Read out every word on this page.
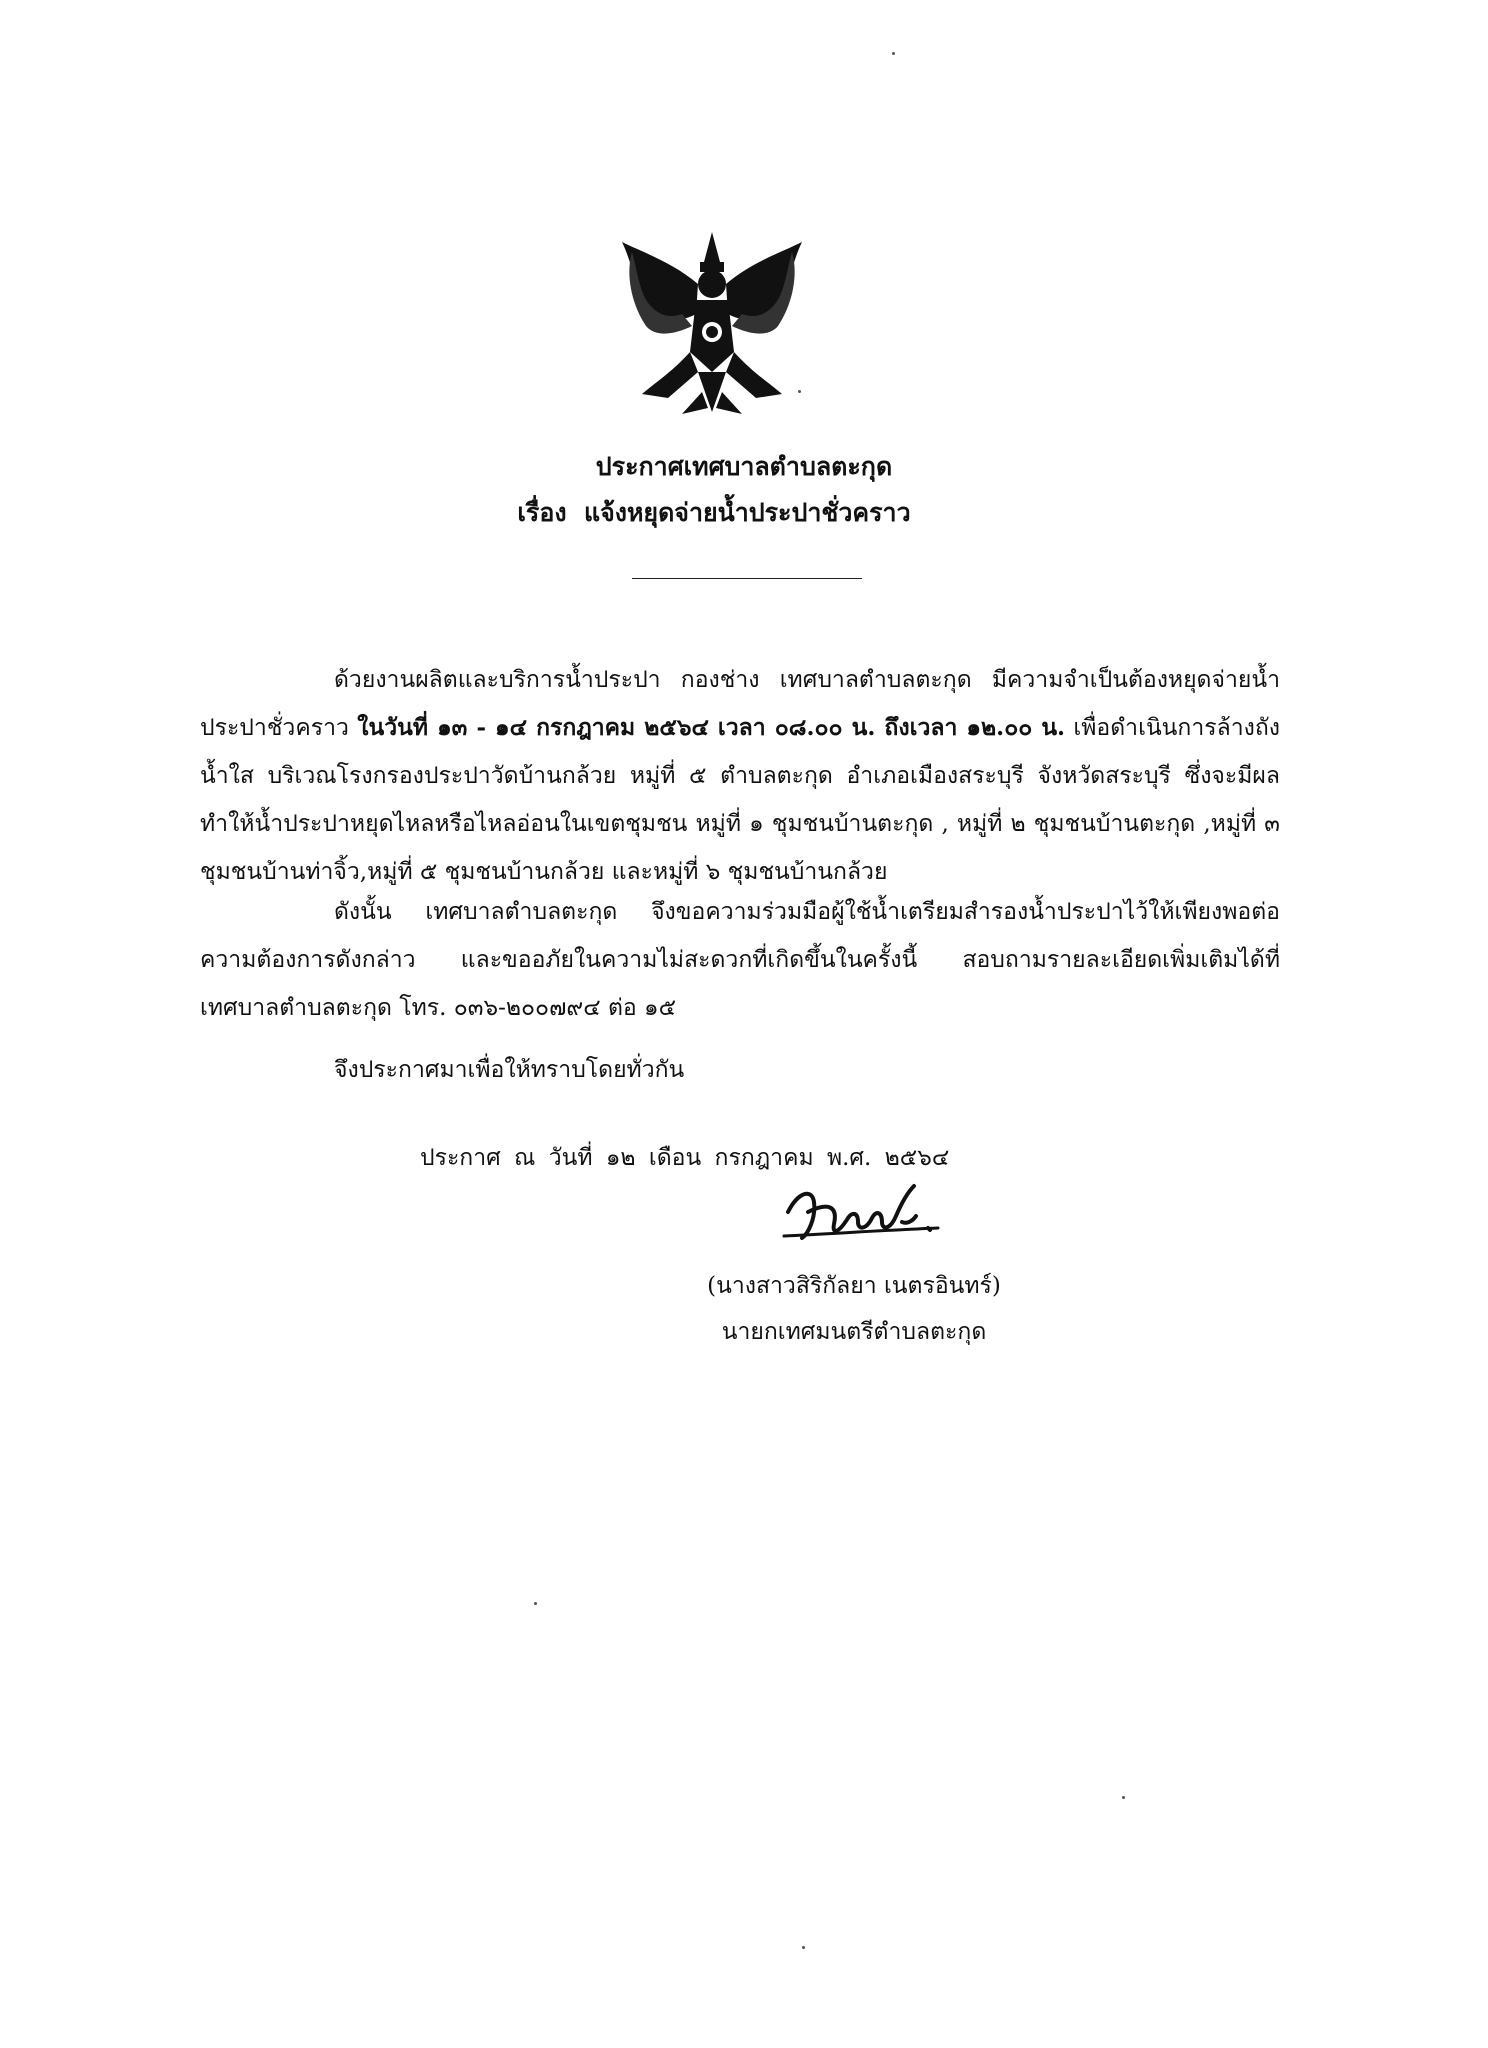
ประกาศเทศบาลตำบลตะกุด
เรื่อง แจ้งหยุดจ่ายน้ำประปาชั่วคราว

ด้วยงานผลิตและบริการน้ำประปา กองช่าง เทศบาลตำบลตะกุด มีความจำเป็นต้องหยุดจ่ายน้ำประปาชั่วคราว ในวันที่ ๑๓ - ๑๔ กรกฎาคม ๒๕๖๔ เวลา ๐๘.๐๐ น. ถึงเวลา ๑๒.๐๐ น. เพื่อดำเนินการล้างถังน้ำใส บริเวณโรงกรองประปาวัดบ้านกล้วย หมู่ที่ ๕ ตำบลตะกุด อำเภอเมืองสระบุรี จังหวัดสระบุรี ซึ่งจะมีผลทำให้น้ำประปาหยุดไหลหรือไหลอ่อนในเขตชุมชน หมู่ที่ ๑ ชุมชนบ้านตะกุด , หมู่ที่ ๒ ชุมชนบ้านตะกุด ,หมู่ที่ ๓ ชุมชนบ้านท่าจิ้ว,หมู่ที่ ๕ ชุมชนบ้านกล้วย และหมู่ที่ ๖ ชุมชนบ้านกล้วย

ดังนั้น เทศบาลตำบลตะกุด จึงขอความร่วมมือผู้ใช้น้ำเตรียมสำรองน้ำประปาไว้ให้เพียงพอต่อความต้องการดังกล่าว และขออภัยในความไม่สะดวกที่เกิดขึ้นในครั้งนี้ สอบถามรายละเอียดเพิ่มเติมได้ที่ เทศบาลตำบลตะกุด โทร. ๐๓๖-๒๐๐๗๙๔ ต่อ ๑๕

จึงประกาศมาเพื่อให้ทราบโดยทั่วกัน

ประกาศ ณ วันที่ ๑๒ เดือน กรกฎาคม พ.ศ. ๒๕๖๔
(นางสาวสิริกัลยา เนตรอินทร์)
นายกเทศมนตรีตำบลตะกุด
